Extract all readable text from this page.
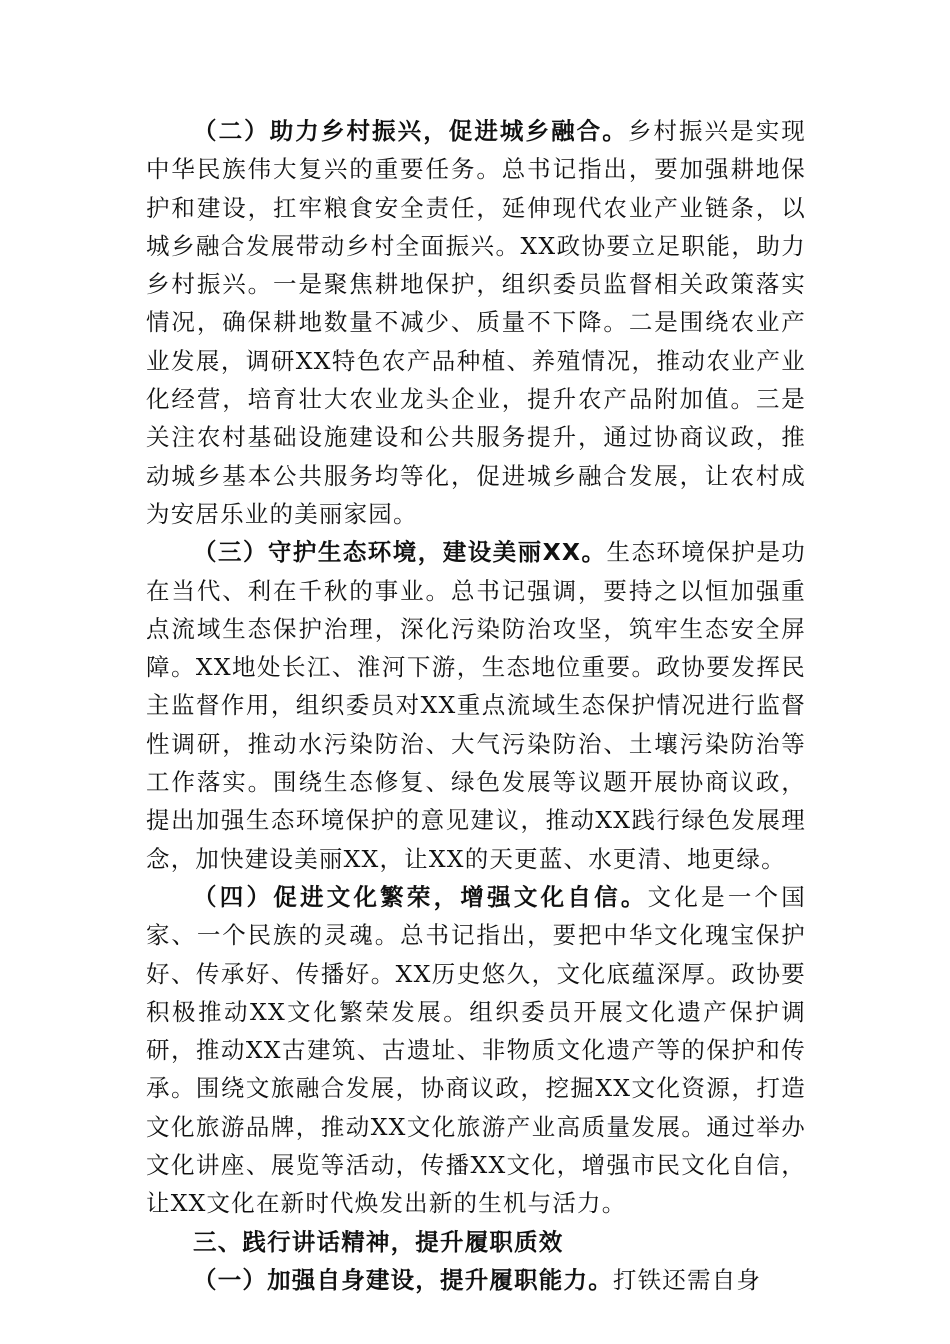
（二）助力乡村振兴，促进城乡融合。乡村振兴是实现中华民族伟大复兴的重要任务。总书记指出，要加强耕地保护和建设，扛牢粮食安全责任，延伸现代农业产业链条，以城乡融合发展带动乡村全面振兴。XX政协要立足职能，助力乡村振兴。一是聚焦耕地保护，组织委员监督相关政策落实情况，确保耕地数量不减少、质量不下降。二是围绕农业产业发展，调研XX特色农产品种植、养殖情况，推动农业产业化经营，培育壮大农业龙头企业，提升农产品附加值。三是关注农村基础设施建设和公共服务提升，通过协商议政，推动城乡基本公共服务均等化，促进城乡融合发展，让农村成为安居乐业的美丽家园。

（三）守护生态环境，建设美丽XX。生态环境保护是功在当代、利在千秋的事业。总书记强调，要持之以恒加强重点流域生态保护治理，深化污染防治攻坚，筑牢生态安全屏障。XX地处长江、淮河下游，生态地位重要。政协要发挥民主监督作用，组织委员对XX重点流域生态保护情况进行监督性调研，推动水污染防治、大气污染防治、土壤污染防治等工作落实。围绕生态修复、绿色发展等议题开展协商议政，提出加强生态环境保护的意见建议，推动XX践行绿色发展理念，加快建设美丽XX，让XX的天更蓝、水更清、地更绿。

（四）促进文化繁荣，增强文化自信。文化是一个国家、一个民族的灵魂。总书记指出，要把中华文化瑰宝保护好、传承好、传播好。XX历史悠久，文化底蕴深厚。政协要积极推动XX文化繁荣发展。组织委员开展文化遗产保护调研，推动XX古建筑、古遗址、非物质文化遗产等的保护和传承。围绕文旅融合发展，协商议政，挖掘XX文化资源，打造文化旅游品牌，推动XX文化旅游产业高质量发展。通过举办文化讲座、展览等活动，传播XX文化，增强市民文化自信，让XX文化在新时代焕发出新的生机与活力。

三、践行讲话精神，提升履职质效

（一）加强自身建设，提升履职能力。打铁还需自身
